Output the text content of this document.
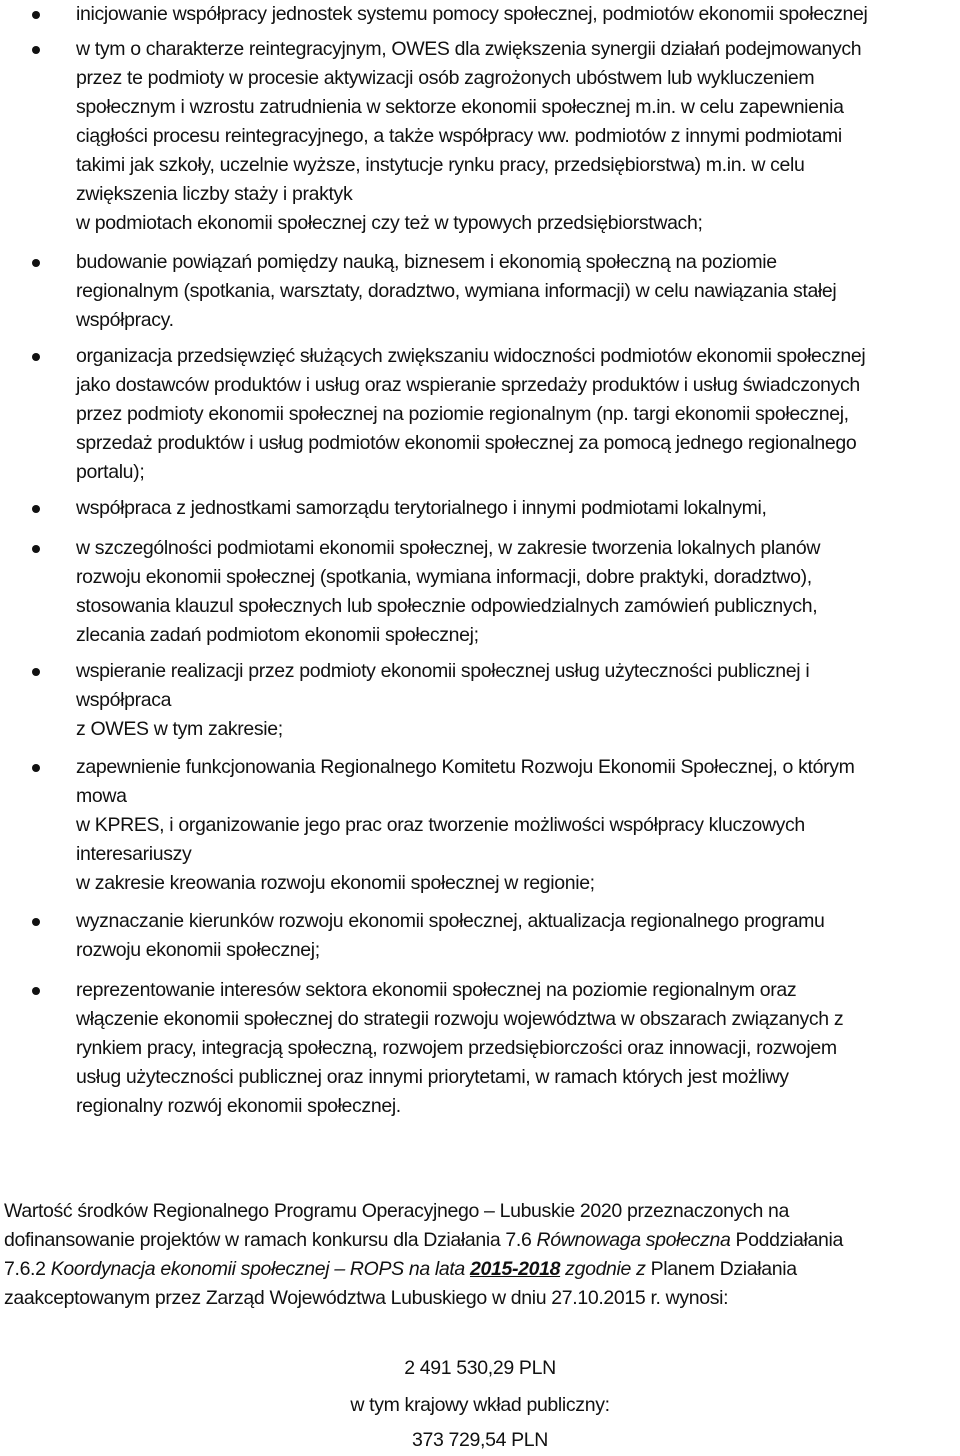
inicjowanie współpracy jednostek systemu pomocy społecznej, podmiotów ekonomii społecznej
w tym o charakterze reintegracyjnym, OWES dla zwiększenia synergii działań podejmowanych
przez te podmioty w procesie aktywizacji osób zagrożonych ubóstwem lub wykluczeniem
społecznym i wzrostu zatrudnienia w sektorze ekonomii społecznej m.in. w celu zapewnienia
ciągłości procesu reintegracyjnego, a także współpracy ww. podmiotów z innymi podmiotami
takimi jak szkoły, uczelnie wyższe, instytucje rynku pracy, przedsiębiorstwa) m.in. w celu
zwiększenia liczby staży i praktyk
w podmiotach ekonomii społecznej czy też w typowych przedsiębiorstwach;
budowanie powiązań pomiędzy nauką, biznesem i ekonomią społeczną na poziomie
regionalnym (spotkania, warsztaty, doradztwo, wymiana informacji) w celu nawiązania stałej
współpracy.
organizacja przedsięwzięć służących zwiększaniu widoczności podmiotów ekonomii społecznej
jako dostawców produktów i usług oraz wspieranie sprzedaży produktów i usług świadczonych
przez podmioty ekonomii społecznej na poziomie regionalnym (np. targi ekonomii społecznej,
sprzedaż produktów i usług podmiotów ekonomii społecznej za pomocą jednego regionalnego
portalu);
współpraca z jednostkami samorządu terytorialnego i innymi podmiotami lokalnymi,
w szczególności podmiotami ekonomii społecznej, w zakresie tworzenia lokalnych planów
rozwoju ekonomii społecznej (spotkania, wymiana informacji, dobre praktyki, doradztwo),
stosowania klauzul społecznych lub społecznie odpowiedzialnych zamówień publicznych,
zlecania zadań podmiotom ekonomii społecznej;
wspieranie realizacji przez podmioty ekonomii społecznej usług użyteczności publicznej i
współpraca
z OWES w tym zakresie;
zapewnienie funkcjonowania Regionalnego Komitetu Rozwoju Ekonomii Społecznej, o którym
mowa
w KPRES, i organizowanie jego prac oraz tworzenie możliwości współpracy kluczowych
interesariuszy
w zakresie kreowania rozwoju ekonomii społecznej w regionie;
wyznaczanie kierunków rozwoju ekonomii społecznej, aktualizacja regionalnego programu
rozwoju ekonomii społecznej;
reprezentowanie interesów sektora ekonomii społecznej na poziomie regionalnym oraz
włączenie ekonomii społecznej do strategii rozwoju województwa w obszarach związanych z
rynkiem pracy, integracją społeczną, rozwojem przedsiębiorczości oraz innowacji, rozwojem
usług użyteczności publicznej oraz innymi priorytetami, w ramach których jest możliwy
regionalny rozwój ekonomii społecznej.
Wartość środków Regionalnego Programu Operacyjnego – Lubuskie 2020 przeznaczonych na
dofinansowanie projektów w ramach konkursu dla Działania 7.6 Równowaga społeczna Poddziałania
7.6.2 Koordynacja ekonomii społecznej – ROPS na lata 2015-2018 zgodnie z Planem Działania
zaakceptowanym przez Zarząd Województwa Lubuskiego w dniu 27.10.2015 r. wynosi:
2 491 530,29 PLN
w tym krajowy wkład publiczny:
373 729,54 PLN
